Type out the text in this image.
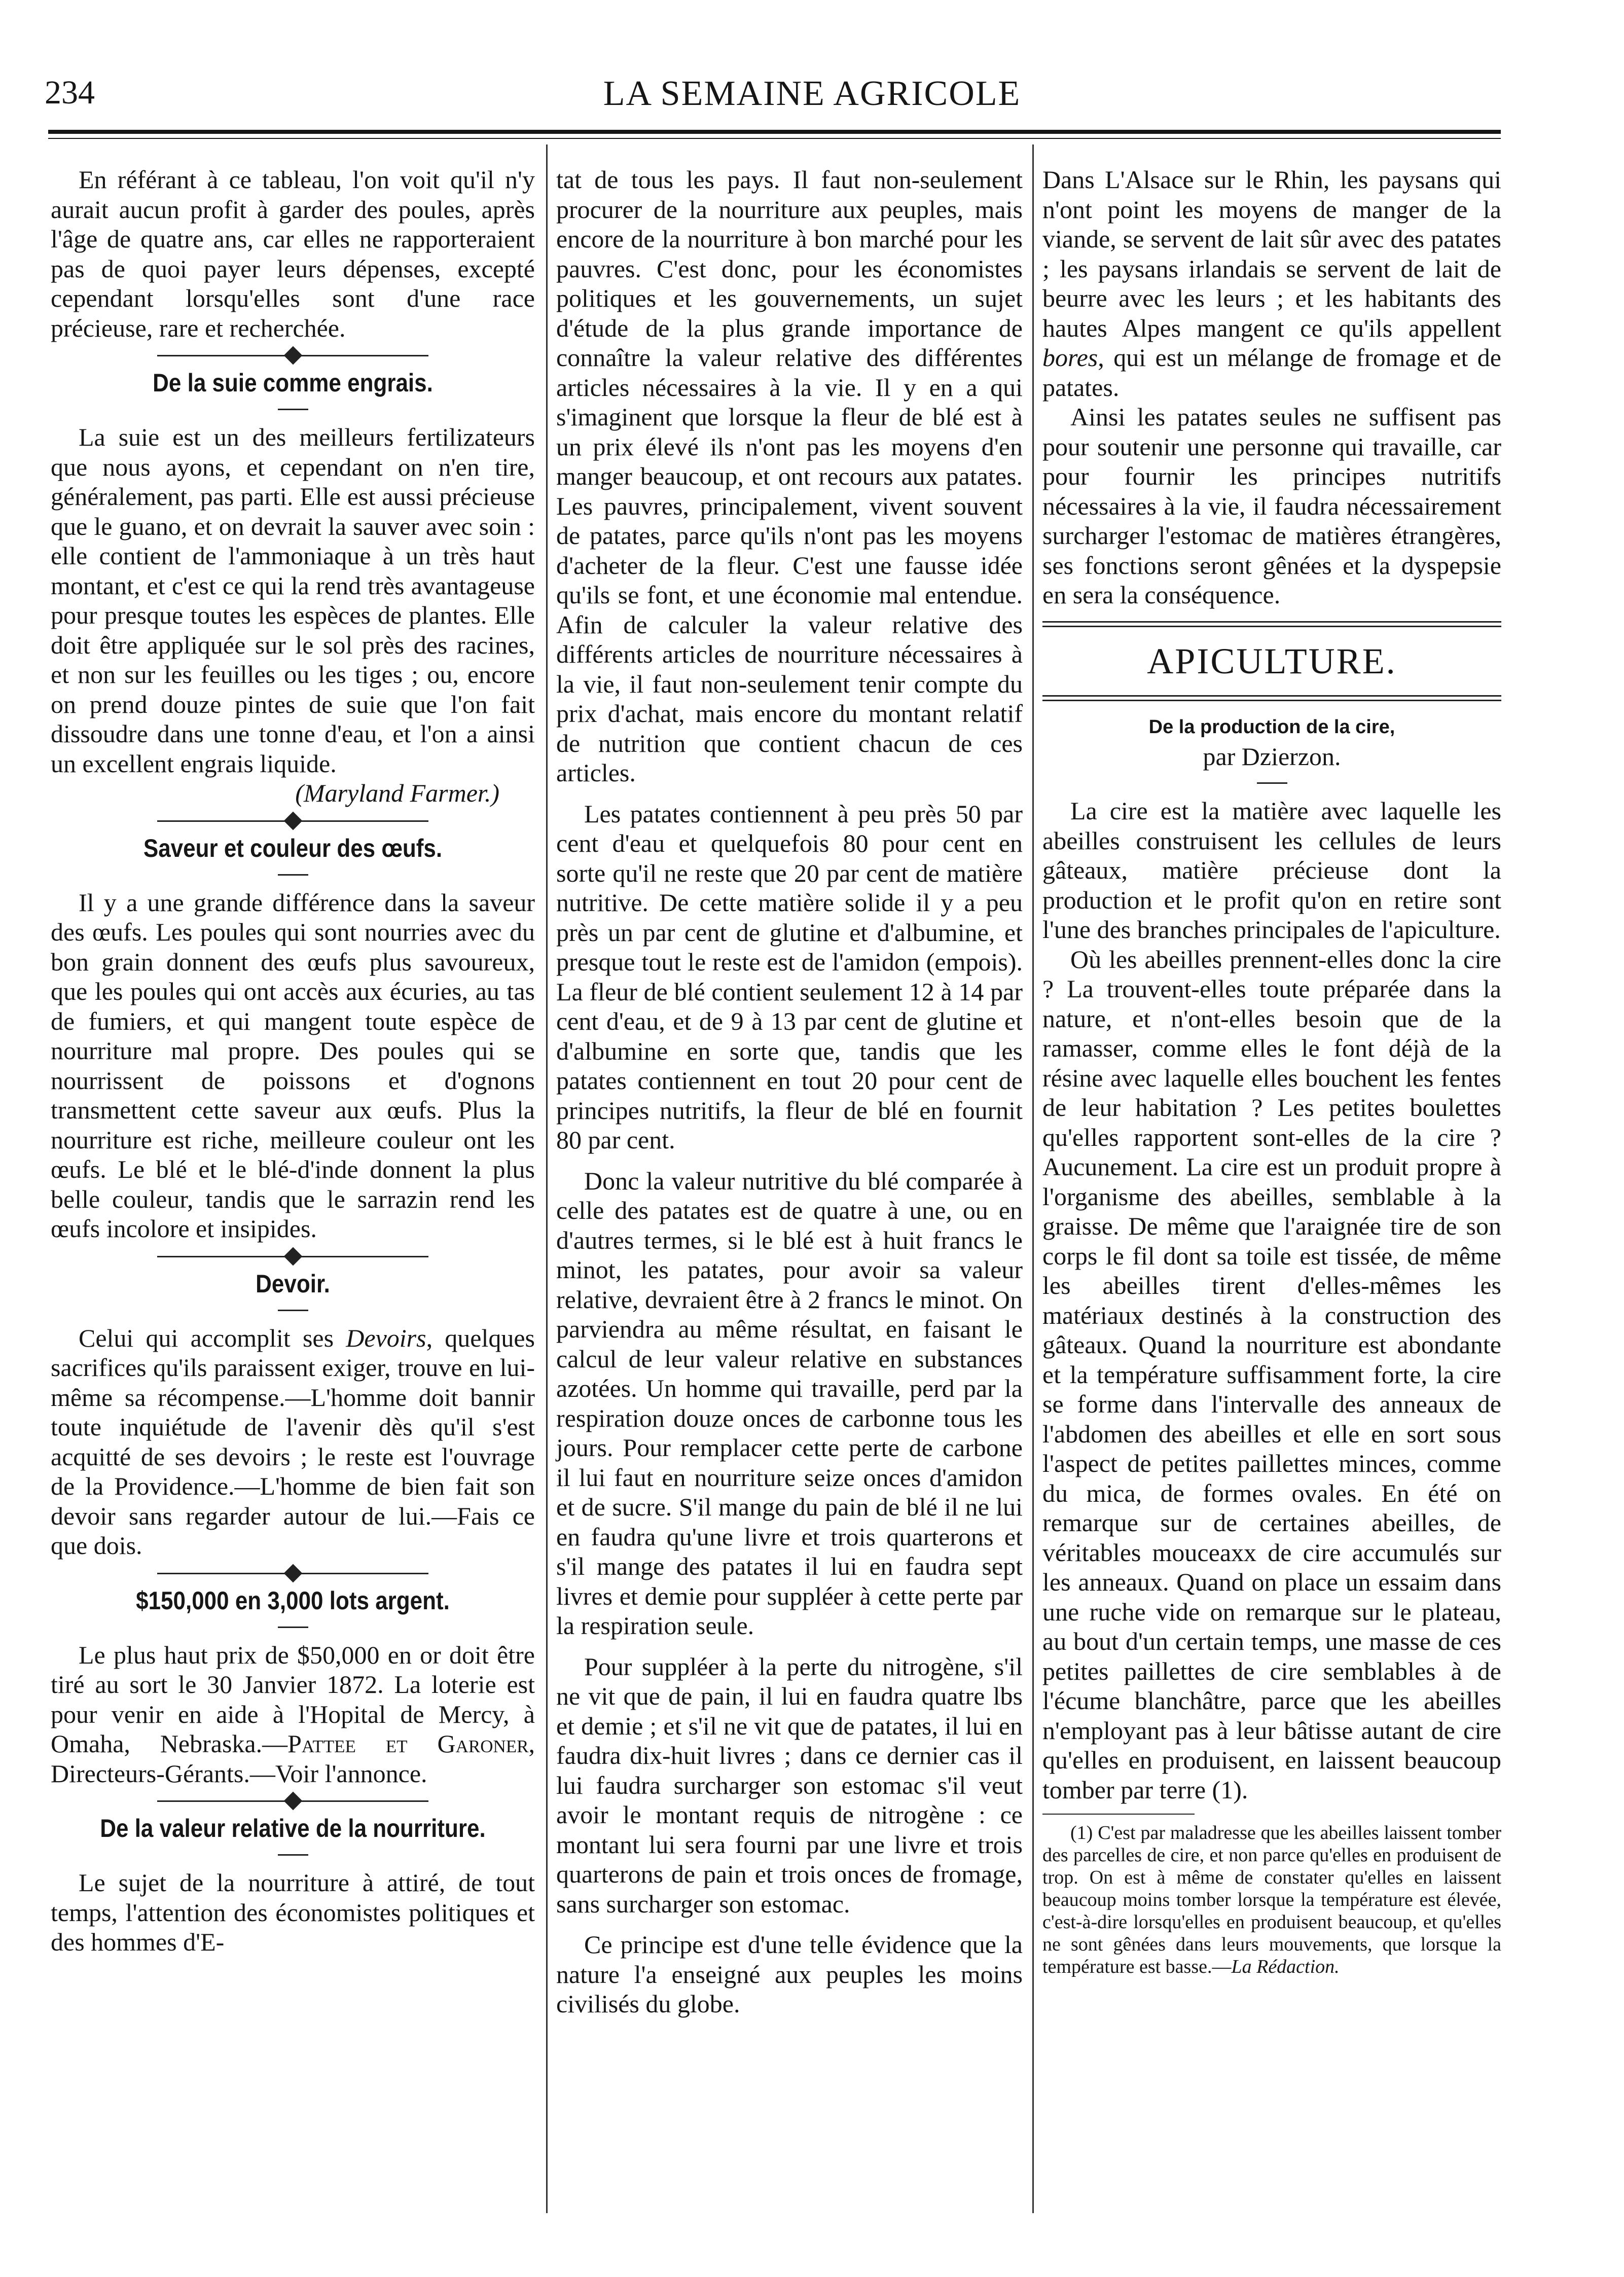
234	LA SEMAINE AGRICOLE

En référant à ce tableau, l'on voit qu'il n'y aurait aucun profit à garder des poules, après l'âge de quatre ans, car elles ne rapporteraient pas de quoi payer leurs dépenses, excepté cependant lorsqu'elles sont d'une race précieuse, rare et recherchée.

De la suie comme engrais.

La suie est un des meilleurs fertilizateurs que nous ayons, et cependant on n'en tire, généralement, pas parti. Elle est aussi précieuse que le guano, et on devrait la sauver avec soin : elle contient de l'ammoniaque à un très haut montant, et c'est ce qui la rend très avantageuse pour presque toutes les espèces de plantes. Elle doit être appliquée sur le sol près des racines, et non sur les feuilles ou les tiges ; ou, encore on prend douze pintes de suie que l'on fait dissoudre dans une tonne d'eau, et l'on a ainsi un excellent engrais liquide.

(Maryland Farmer.)
Saveur et couleur des œufs.

Il y a une grande différence dans la saveur des œufs. Les poules qui sont nourries avec du bon grain donnent des œufs plus savoureux, que les poules qui ont accès aux écuries, au tas de fumiers, et qui mangent toute espèce de nourriture mal propre. Des poules qui se nourrissent de poissons et d'ognons transmettent cette saveur aux œufs. Plus la nourriture est riche, meilleure couleur ont les œufs. Le blé et le blé-d'inde donnent la plus belle couleur, tandis que le sarrazin rend les œufs incolore et insipides.

Devoir.

Celui qui accomplit ses Devoirs, quelques sacrifices qu'ils paraissent exiger, trouve en lui-même sa récompense.—L'homme doit bannir toute inquiétude de l'avenir dès qu'il s'est acquitté de ses devoirs ; le reste est l'ouvrage de la Providence.—L'homme de bien fait son devoir sans regarder autour de lui.—Fais ce que dois.

$150,000 en 3,000 lots argent.

Le plus haut prix de $50,000 en or doit être tiré au sort le 30 Janvier 1872. La loterie est pour venir en aide à l'Hopital de Mercy, à Omaha, Nebraska.—Pattee et Garoner, Directeurs-Gérants.—Voir l'annonce.

De la valeur relative de la nourriture.

Le sujet de la nourriture à attiré, de tout temps, l'attention des économistes politiques et des hommes d'E-

tat de tous les pays. Il faut non-seulement procurer de la nourriture aux peuples, mais encore de la nourriture à bon marché pour les pauvres. C'est donc, pour les économistes politiques et les gouvernements, un sujet d'étude de la plus grande importance de connaître la valeur relative des différentes articles nécessaires à la vie. Il y en a qui s'imaginent que lorsque la fleur de blé est à un prix élevé ils n'ont pas les moyens d'en manger beaucoup, et ont recours aux patates. Les pauvres, principalement, vivent souvent de patates, parce qu'ils n'ont pas les moyens d'acheter de la fleur. C'est une fausse idée qu'ils se font, et une économie mal entendue. Afin de calculer la valeur relative des différents articles de nourriture nécessaires à la vie, il faut non-seulement tenir compte du prix d'achat, mais encore du montant relatif de nutrition que contient chacun de ces articles.

Les patates contiennent à peu près 50 par cent d'eau et quelquefois 80 pour cent en sorte qu'il ne reste que 20 par cent de matière nutritive. De cette matière solide il y a peu près un par cent de glutine et d'albumine, et presque tout le reste est de l'amidon (empois). La fleur de blé contient seulement 12 à 14 par cent d'eau, et de 9 à 13 par cent de glutine et d'albumine en sorte que, tandis que les patates contiennent en tout 20 pour cent de principes nutritifs, la fleur de blé en fournit 80 par cent.

Donc la valeur nutritive du blé comparée à celle des patates est de quatre à une, ou en d'autres termes, si le blé est à huit francs le minot, les patates, pour avoir sa valeur relative, devraient être à 2 francs le minot. On parviendra au même résultat, en faisant le calcul de leur valeur relative en substances azotées. Un homme qui travaille, perd par la respiration douze onces de carbonne tous les jours. Pour remplacer cette perte de carbone il lui faut en nourriture seize onces d'amidon et de sucre. S'il mange du pain de blé il ne lui en faudra qu'une livre et trois quarterons et s'il mange des patates il lui en faudra sept livres et demie pour suppléer à cette perte par la respiration seule.

Pour suppléer à la perte du nitrogène, s'il ne vit que de pain, il lui en faudra quatre lbs et demie ; et s'il ne vit que de patates, il lui en faudra dix-huit livres ; dans ce dernier cas il lui faudra surcharger son estomac s'il veut avoir le montant requis de nitrogène : ce montant lui sera fourni par une livre et trois quarterons de pain et trois onces de fromage, sans surcharger son estomac.

Ce principe est d'une telle évidence que la nature l'a enseigné aux peuples les moins civilisés du globe.

Dans L'Alsace sur le Rhin, les paysans qui n'ont point les moyens de manger de la viande, se servent de lait sûr avec des patates ; les paysans irlandais se servent de lait de beurre avec les leurs ; et les habitants des hautes Alpes mangent ce qu'ils appellent bores, qui est un mélange de fromage et de patates.

Ainsi les patates seules ne suffisent pas pour soutenir une personne qui travaille, car pour fournir les principes nutritifs nécessaires à la vie, il faudra nécessairement surcharger l'estomac de matières étrangères, ses fonctions seront gênées et la dyspepsie en sera la conséquence.

APICULTURE.
De la production de la cire,
par Dzierzon.

La cire est la matière avec laquelle les abeilles construisent les cellules de leurs gâteaux, matière précieuse dont la production et le profit qu'on en retire sont l'une des branches principales de l'apiculture.

Où les abeilles prennent-elles donc la cire ? La trouvent-elles toute préparée dans la nature, et n'ont-elles besoin que de la ramasser, comme elles le font déjà de la résine avec laquelle elles bouchent les fentes de leur habitation ? Les petites boulettes qu'elles rapportent sont-elles de la cire ? Aucunement. La cire est un produit propre à l'organisme des abeilles, semblable à la graisse. De même que l'araignée tire de son corps le fil dont sa toile est tissée, de même les abeilles tirent d'elles-mêmes les matériaux destinés à la construction des gâteaux. Quand la nourriture est abondante et la température suffisamment forte, la cire se forme dans l'intervalle des anneaux de l'abdomen des abeilles et elle en sort sous l'aspect de petites paillettes minces, comme du mica, de formes ovales. En été on remarque sur de certaines abeilles, de véritables mouceaxx de cire accumulés sur les anneaux. Quand on place un essaim dans une ruche vide on remarque sur le plateau, au bout d'un certain temps, une masse de ces petites paillettes de cire semblables à de l'écume blanchâtre, parce que les abeilles n'employant pas à leur bâtisse autant de cire qu'elles en produisent, en laissent beaucoup tomber par terre (1).

(1) C'est par maladresse que les abeilles laissent tomber des parcelles de cire, et non parce qu'elles en produisent de trop. On est à même de constater qu'elles en laissent beaucoup moins tomber lorsque la température est élevée, c'est-à-dire lorsqu'elles en produisent beaucoup, et qu'elles ne sont gênées dans leurs mouvements, que lorsque la température est basse.—La Rédaction.
